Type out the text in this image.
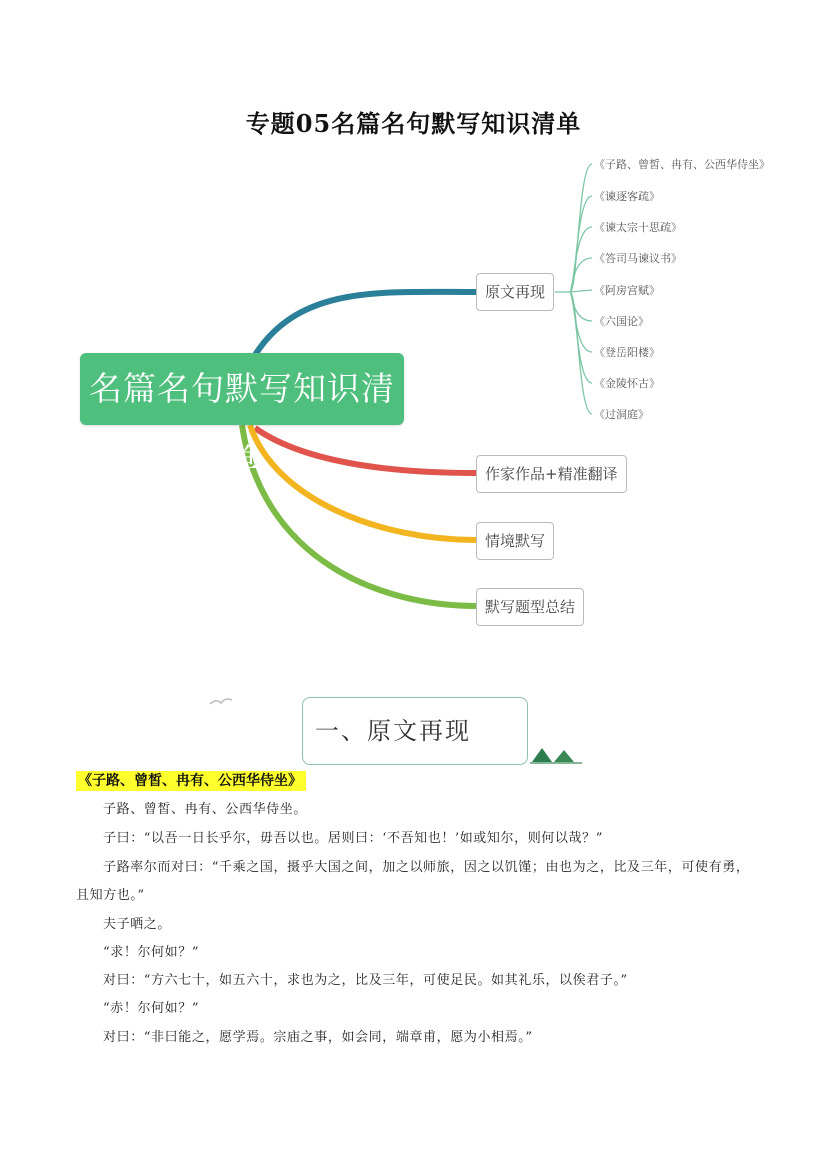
专题05名篇名句默写知识清单
名篇名句默写知识清单
原文再现
作家作品+精准翻译
情境默写
默写题型总结
《子路、曾皙、冉有、公西华侍坐》
《谏逐客疏》
《谏太宗十思疏》
《答司马谏议书》
《阿房宫赋》
《六国论》
《登岳阳楼》
《金陵怀古》
《过洞庭》
一、原文再现
《子路、曾皙、冉有、公西华侍坐》
子路、曾皙、冉有、公西华侍坐。
子曰：“以吾一日长乎尔，毋吾以也。居则曰：‘不吾知也！’如或知尔，则何以哉？”
子路率尔而对曰：“千乘之国，摄乎大国之间，加之以师旅，因之以饥馑；由也为之，比及三年，可使有勇，且知方也。”
夫子哂之。
“求！尔何如？”
对曰：“方六七十，如五六十，求也为之，比及三年，可使足民。如其礼乐，以俟君子。”
“赤！尔何如？”
对曰：“非曰能之，愿学焉。宗庙之事，如会同，端章甫，愿为小相焉。”
